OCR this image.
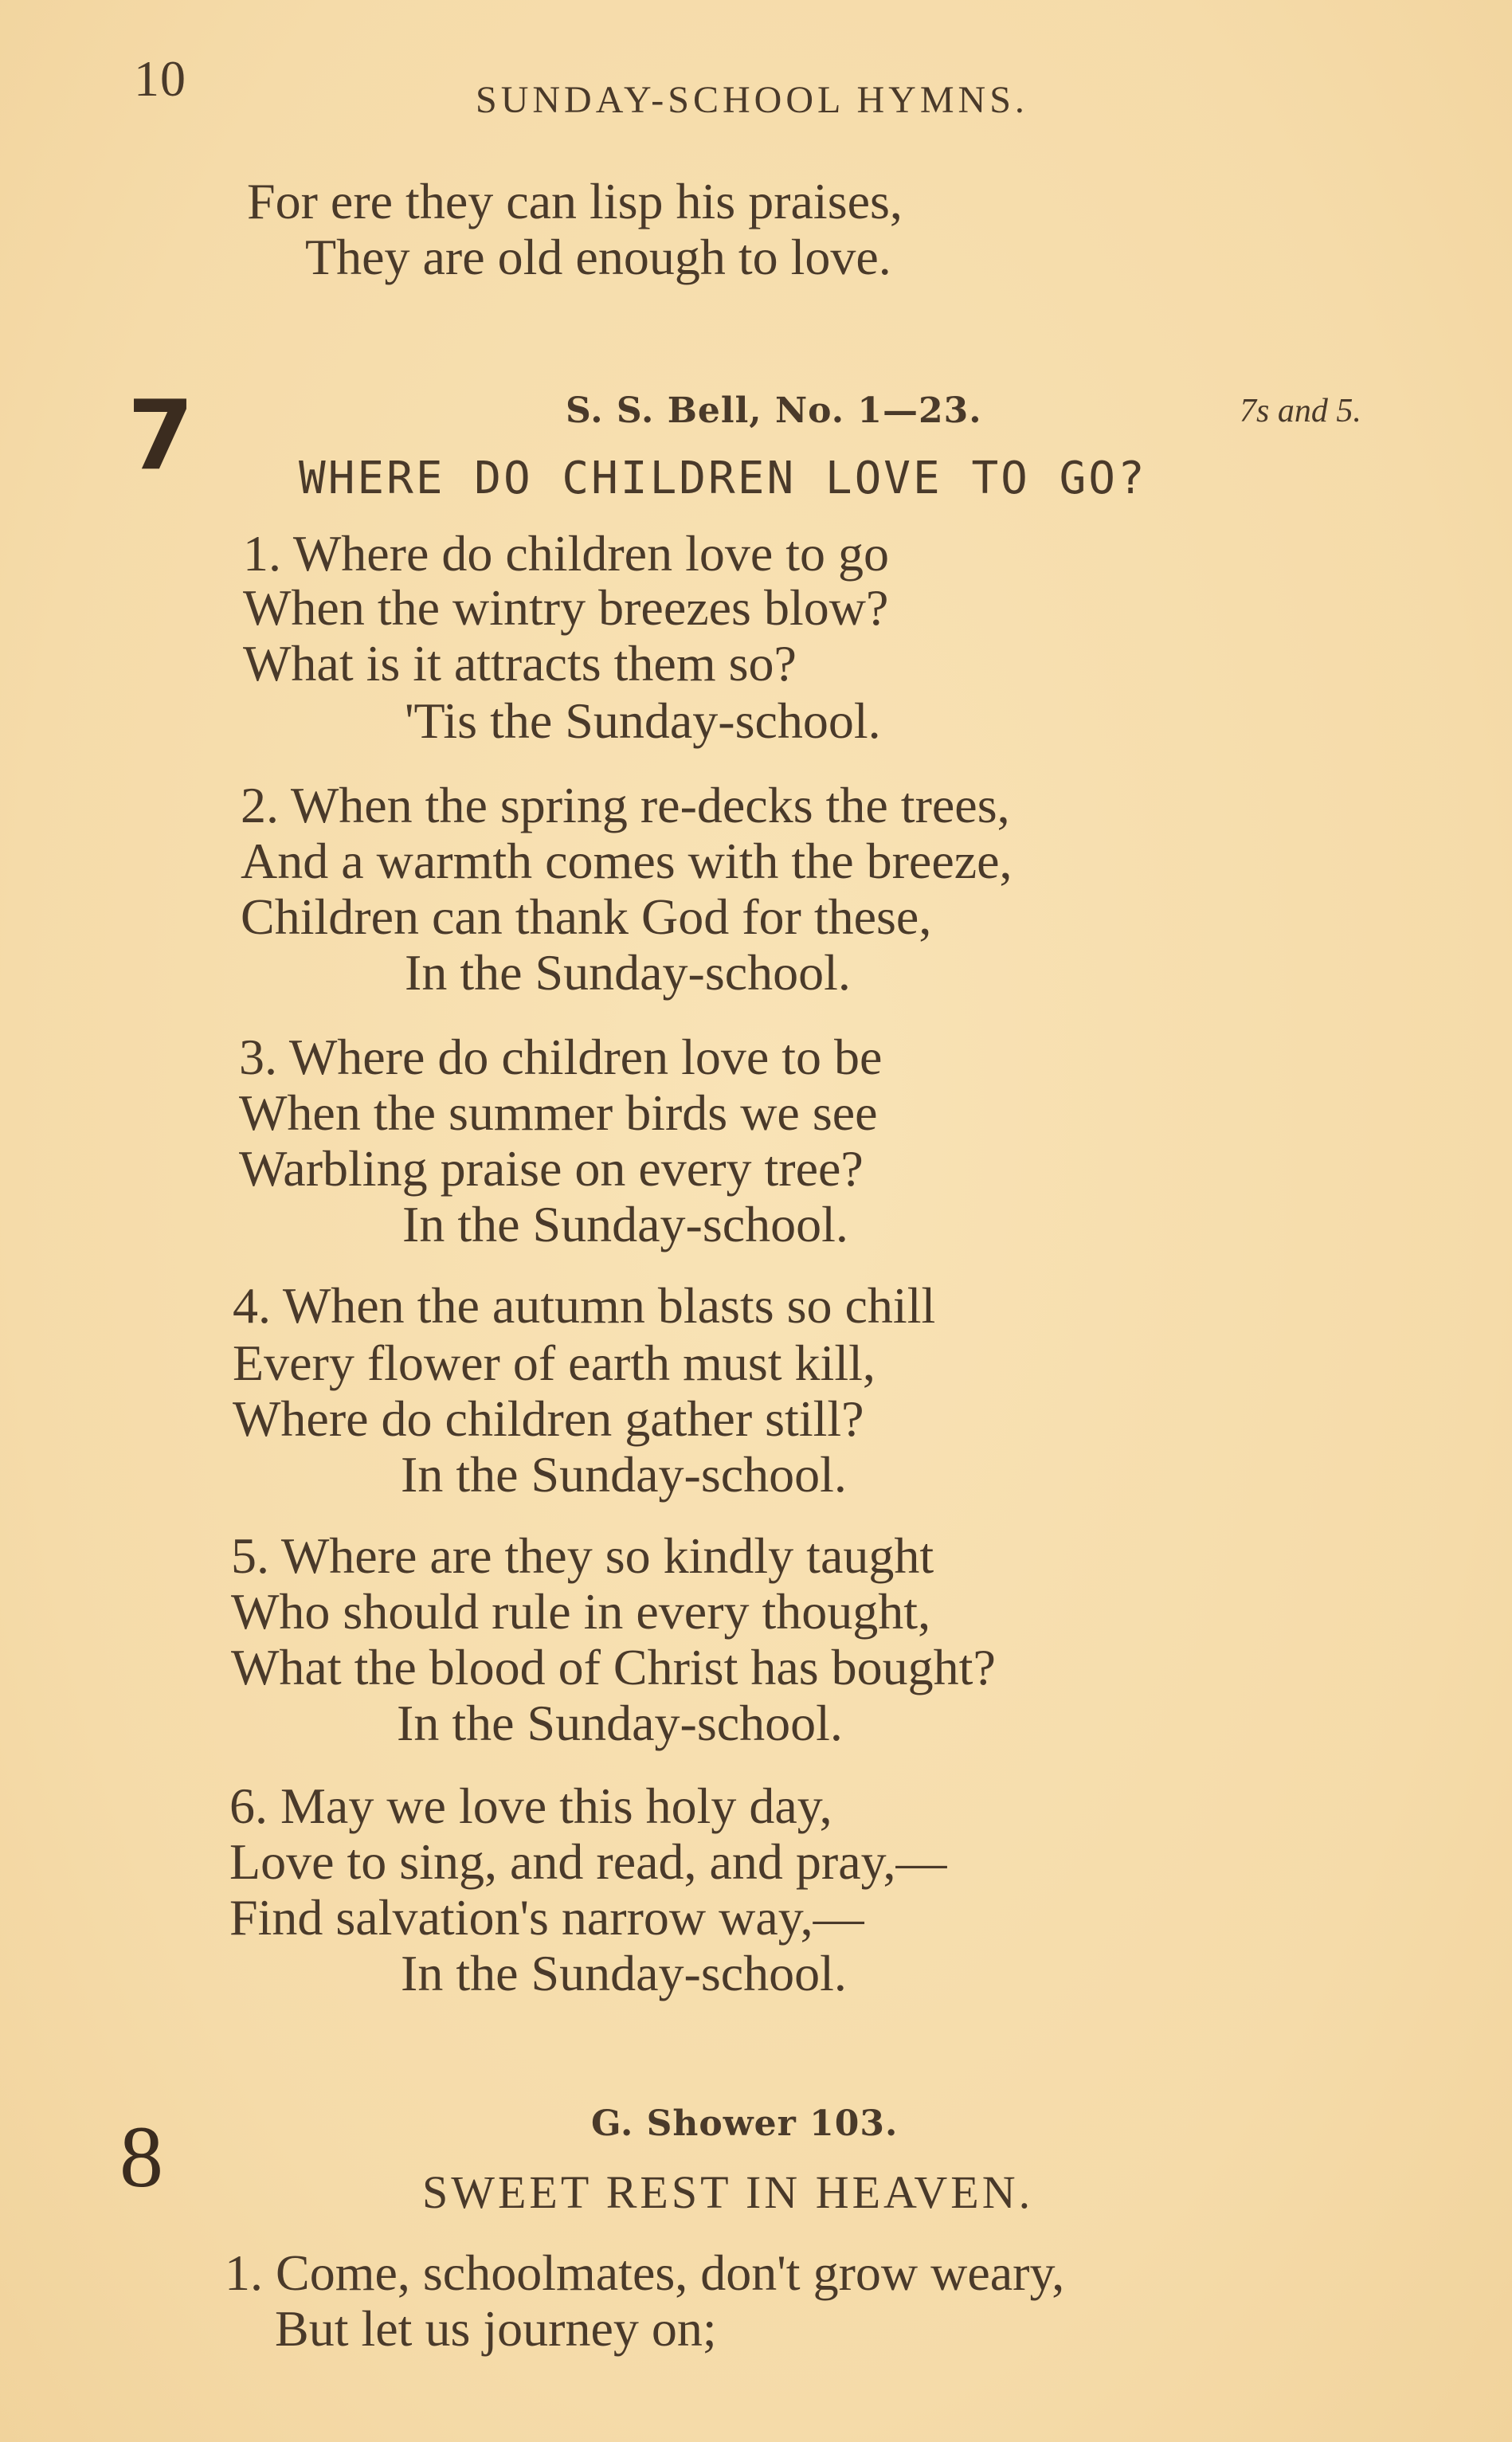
10	SUNDAY-SCHOOL HYMNS.
For ere they can lisp his praises,
They are old enough to love.
7	S. S. Bell, No. 1—23.	7s and 5.
WHERE DO CHILDREN LOVE TO GO?
1. Where do children love to go
When the wintry breezes blow?
What is it attracts them so?
'Tis the Sunday-school.
2. When the spring re-decks the trees,
And a warmth comes with the breeze,
Children can thank God for these,
In the Sunday-school.
3. Where do children love to be
When the summer birds we see
Warbling praise on every tree?
In the Sunday-school.
4. When the autumn blasts so chill
Every flower of earth must kill,
Where do children gather still?
In the Sunday-school.
5. Where are they so kindly taught
Who should rule in every thought,
What the blood of Christ has bought?
In the Sunday-school.
6. May we love this holy day,
Love to sing, and read, and pray,—
Find salvation's narrow way,—
In the Sunday-school.
8	G. Shower 103.
SWEET REST IN HEAVEN.
1. Come, schoolmates, don't grow weary,
But let us journey on;
